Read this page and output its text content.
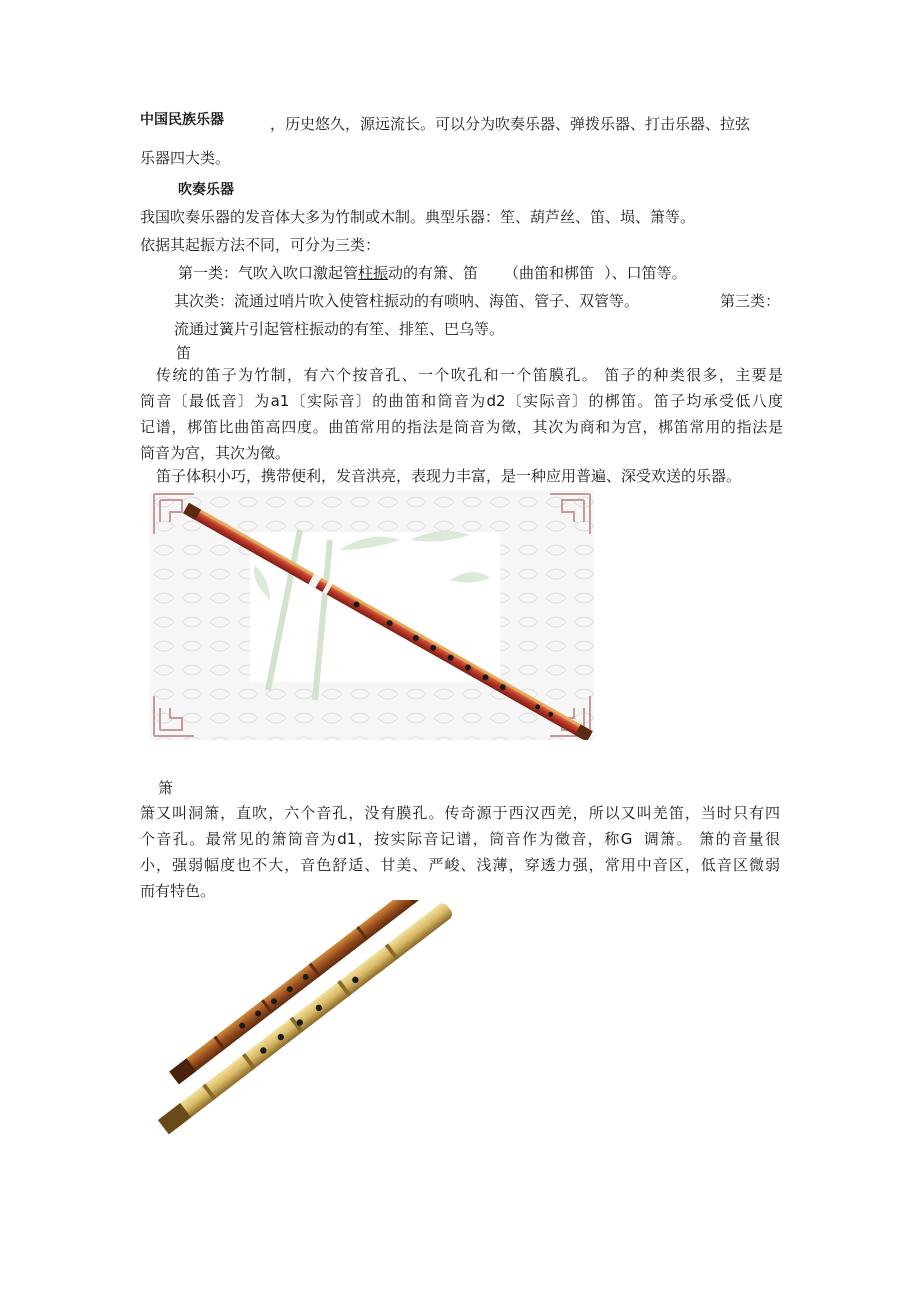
中国民族乐器	，历史悠久，源远流长。可以分为吹奏乐器、弹拨乐器、打击乐器、拉弦
乐器四大类。
吹奏乐器
我国吹奏乐器的发音体大多为竹制或木制。典型乐器：笙、葫芦丝、笛、埙、箫等。
依据其起振方法不同，可分为三类：
第一类：气吹入吹口激起管柱振动的有箫、笛 （曲笛和梆笛 ）、口笛等。
其次类：流通过哨片吹入使管柱振动的有唢呐、海笛、管子、双管等。	第三类：
流通过簧片引起管柱振动的有笙、排笙、巴乌等。
笛
传统的笛子为竹制，有六个按音孔、一个吹孔和一个笛膜孔。 笛子的种类很多，主要是
筒音〔最低音〕为a1〔实际音〕的曲笛和筒音为d2〔实际音〕的梆笛。笛子均承受低八度
记谱，梆笛比曲笛高四度。曲笛常用的指法是筒音为徵，其次为商和为宫，梆笛常用的指法是
筒音为宫，其次为徵。
笛子体积小巧，携带便利，发音洪亮，表现力丰富，是一种应用普遍、深受欢送的乐器。
箫
箫又叫洞箫，直吹，六个音孔，没有膜孔。传奇源于西汉西羌，所以又叫羌笛，当时只有四
个音孔。最常见的箫筒音为d1，按实际音记谱，筒音作为徵音，称G 调箫。 箫的音量很
小，强弱幅度也不大，音色舒适、甘美、严峻、浅薄，穿透力强，常用中音区，低音区微弱
而有特色。
